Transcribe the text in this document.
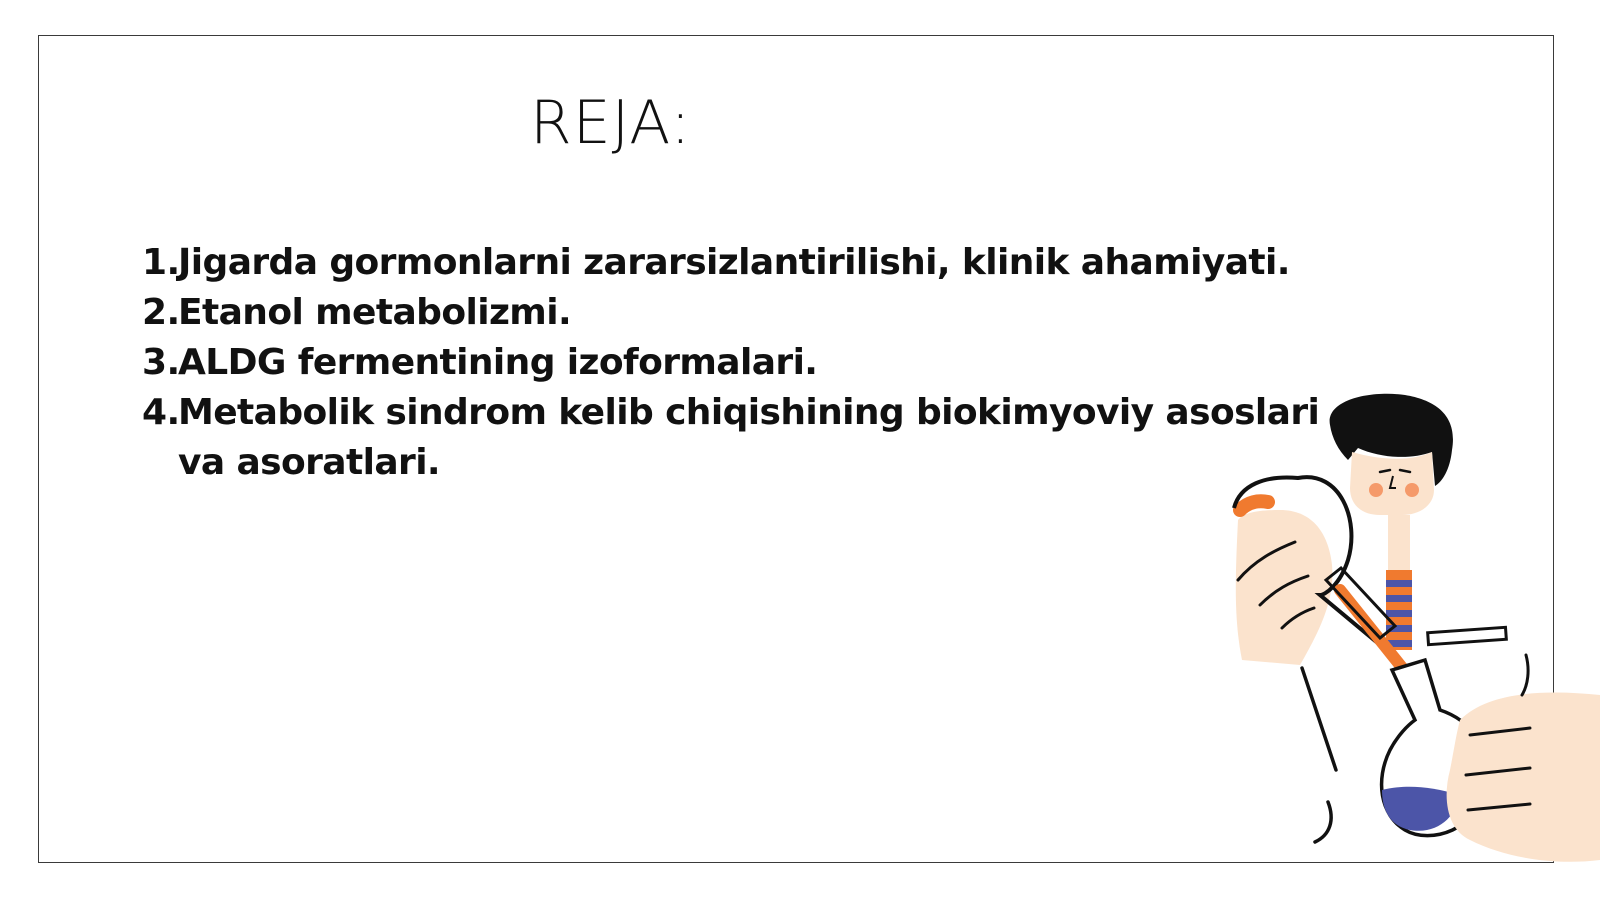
REJA:
1.
Jigarda gormonlarni zararsizlantirilishi, klinik ahamiyati.
2.
Etanol metabolizmi.
3.
ALDG fermentining izoformalari.
4.
Metabolik sindrom kelib chiqishining biokimyoviy asoslari va asoratlari.
